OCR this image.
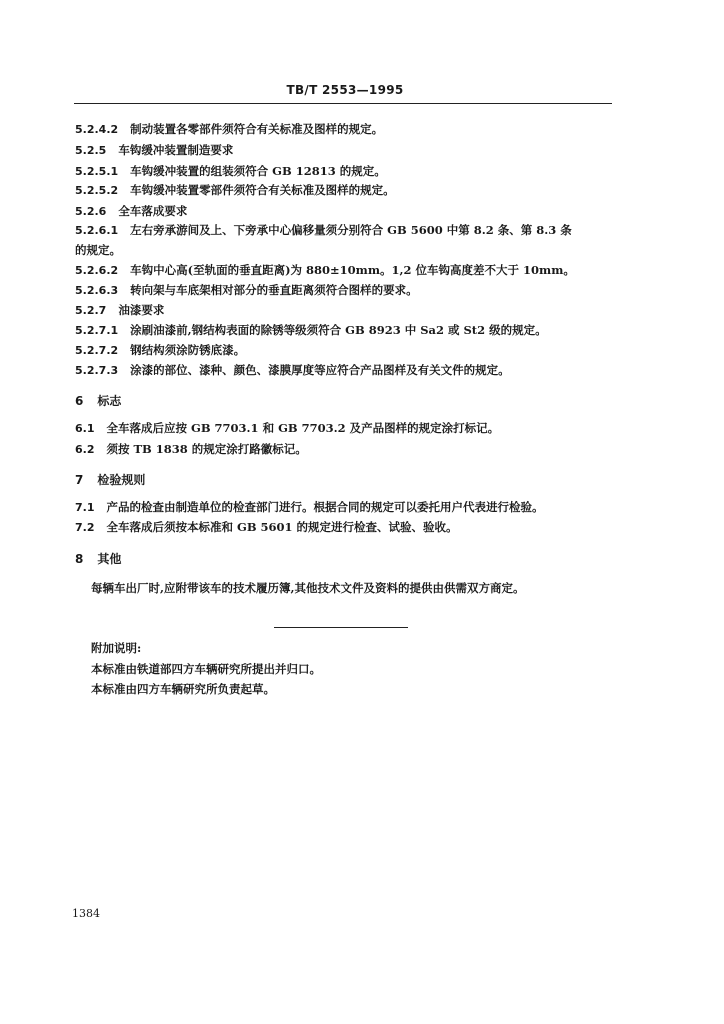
TB/T 2553—1995
5.2.4.2 制动装置各零部件须符合有关标准及图样的规定。
5.2.5 车钩缓冲装置制造要求
5.2.5.1 车钩缓冲装置的组装须符合 GB 12813 的规定。
5.2.5.2 车钩缓冲装置零部件须符合有关标准及图样的规定。
5.2.6 全车落成要求
5.2.6.1 左右旁承游间及上、下旁承中心偏移量须分别符合 GB 5600 中第 8.2 条、第 8.3 条
的规定。
5.2.6.2 车钩中心高(至轨面的垂直距离)为 880±10mm。1,2 位车钩高度差不大于 10mm。
5.2.6.3 转向架与车底架相对部分的垂直距离须符合图样的要求。
5.2.7 油漆要求
5.2.7.1 涂刷油漆前,钢结构表面的除锈等级须符合 GB 8923 中 Sa2 或 St2 级的规定。
5.2.7.2 钢结构须涂防锈底漆。
5.2.7.3 涂漆的部位、漆种、颜色、漆膜厚度等应符合产品图样及有关文件的规定。
6 标志
6.1 全车落成后应按 GB 7703.1 和 GB 7703.2 及产品图样的规定涂打标记。
6.2 须按 TB 1838 的规定涂打路徽标记。
7 检验规则
7.1 产品的检查由制造单位的检查部门进行。根据合同的规定可以委托用户代表进行检验。
7.2 全车落成后须按本标准和 GB 5601 的规定进行检查、试验、验收。
8 其他
每辆车出厂时,应附带该车的技术履历簿,其他技术文件及资料的提供由供需双方商定。
附加说明:
本标准由铁道部四方车辆研究所提出并归口。
本标准由四方车辆研究所负责起草。
1384
